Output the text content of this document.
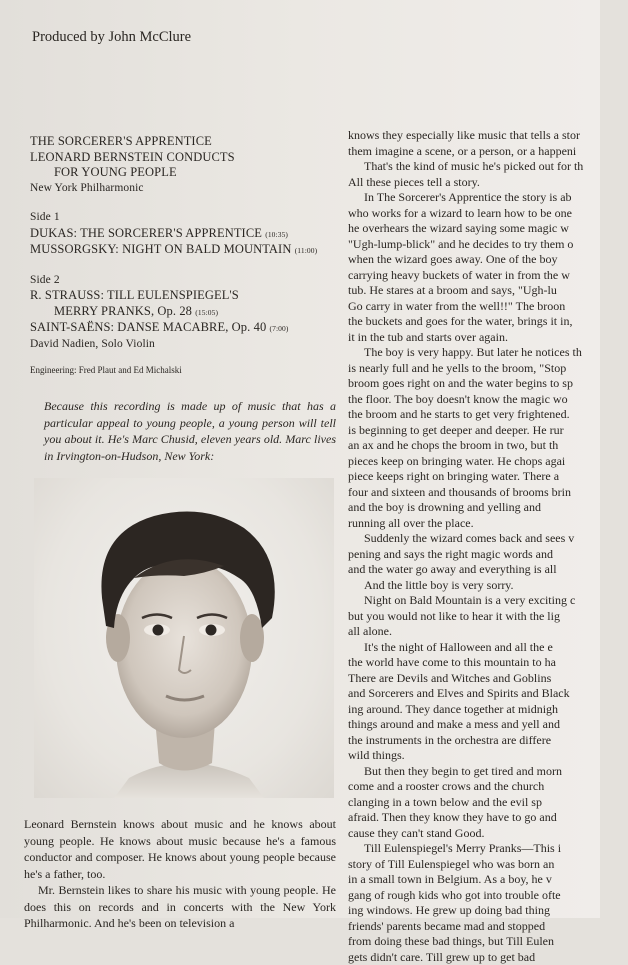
Produced by John McClure

THE SORCERER'S APPRENTICE

LEONARD BERNSTEIN CONDUCTS

FOR YOUNG PEOPLE

New York Philharmonic

Side 1

DUKAS: THE SORCERER'S APPRENTICE (10:35)

MUSSORGSKY: NIGHT ON BALD MOUNTAIN (11:00)

Side 2

R. STRAUSS: TILL EULENSPIEGEL'S

MERRY PRANKS, Op. 28 (15:05)

SAINT-SAËNS: DANSE MACABRE, Op. 40 (7:00)

David Nadien, Solo Violin

Engineering: Fred Plaut and Ed Michalski
Because this recording is made up of music that has a particular appeal to young people, a young person will tell you about it. He's Marc Chusid, eleven years old. Marc lives in Irvington-on-Hudson, New York:

Leonard Bernstein knows about music and he knows about young people. He knows about music because he's a famous conductor and composer. He knows about young people because he's a father, too.

Mr. Bernstein likes to share his music with young people. He does this on records and in concerts with the New York Philharmonic. And he's been on television a

knows they especially like music that tells a stor

them imagine a scene, or a person, or a happeni

That's the kind of music he's picked out for th

All these pieces tell a story.

In The Sorcerer's Apprentice the story is ab

who works for a wizard to learn how to be one

he overhears the wizard saying some magic w

"Ugh-lump-blick" and he decides to try them o

when the wizard goes away. One of the boy

carrying heavy buckets of water in from the w

tub. He stares at a broom and says, "Ugh-lu

Go carry in water from the well!!" The broon

the buckets and goes for the water, brings it in,

it in the tub and starts over again.

The boy is very happy. But later he notices th

is nearly full and he yells to the broom, "Stop

broom goes right on and the water begins to sp

the floor. The boy doesn't know the magic wo

the broom and he starts to get very frightened.

is beginning to get deeper and deeper. He rur

an ax and he chops the broom in two, but th

pieces keep on bringing water. He chops agai

piece keeps right on bringing water. There a

four and sixteen and thousands of brooms brin

and the boy is drowning and yelling and

running all over the place.

Suddenly the wizard comes back and sees v

pening and says the right magic words and

and the water go away and everything is all

And the little boy is very sorry.

Night on Bald Mountain is a very exciting c

but you would not like to hear it with the lig

all alone.

It's the night of Halloween and all the e

the world have come to this mountain to ha

There are Devils and Witches and Goblins

and Sorcerers and Elves and Spirits and Black

ing around. They dance together at midnigh

things around and make a mess and yell and

the instruments in the orchestra are differe

wild things.

But then they begin to get tired and morn

come and a rooster crows and the church

clanging in a town below and the evil sp

afraid. Then they know they have to go and

cause they can't stand Good.

Till Eulenspiegel's Merry Pranks—This i

story of Till Eulenspiegel who was born an

in a small town in Belgium. As a boy, he v

gang of rough kids who got into trouble ofte

ing windows. He grew up doing bad thing

friends' parents became mad and stopped

from doing these bad things, but Till Eulen

gets didn't care. Till grew up to get bad
